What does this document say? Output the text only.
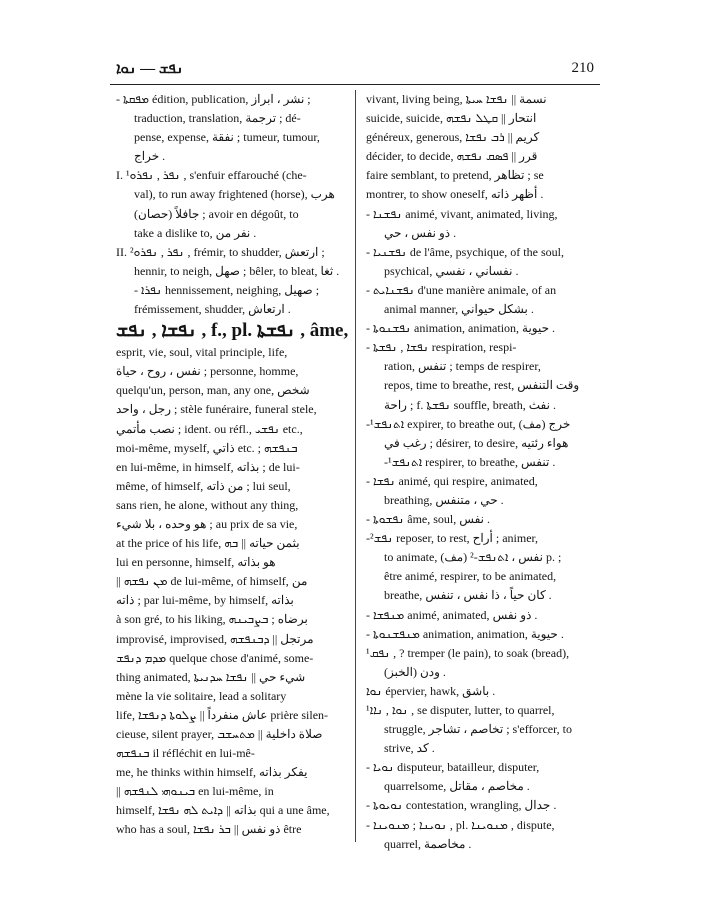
ܢܦܫ — ܢܘܐ	210
- ܡܦܩܬܐ édition, publication, نشر ، ابراز ;
traduction, translation, ترجمة ; dé-
pense, expense, نفقة ; tumeur, tumour,
خراج .
I. ¹ܢܦܪ , ܢܦܪܘ , s'enfuir effarouché (che-
val), to run away frightened (horse), هرب
(حصان) جافلاً ; avoir en dégoût, to
take a dislike to, نفر من .
II. ²ܢܦܪ , ܢܦܪܘ , frémir, to shudder, ارتعش ;
hennir, to neigh, صهل ; bêler, to bleat, ثغا .
- ܢܦܪܐ hennissement, neighing, صهيل ;
frémissement, shudder, ارتعاش .
ܢܦܫܐ , ܢܦܫ , f., pl. ܢܦܫܬܐ , âme,
esprit, vie, soul, vital principle, life,
نفس ، روح ، حياة ; personne, homme,
quelqu'un, person, man, any one, شخص
رجل ، واحد ; stèle funéraire, funeral stele,
نصب مأتمي ; ident. ou réfl., ܢܦܫܝ etc.,
moi-même, myself, ذاتي etc. ; ܒܢܦܫܗ
en lui-même, in himself, بذاته ; de lui-
même, of himself, من ذاته ; lui seul,
sans rien, he alone, without any thing,
هو وحده ، بلا شيء ; au prix de sa vie,
at the price of his life, بثمن حياته || ܒܗ
lui en personne, himself, هو بذاته
|| ܡܢ ܢܦܫܗ de lui-même, of himself, من
ذاته ; par lui-même, by himself, بذاته
à son gré, to his liking, برضاه ; ܒܨܒܝܢܗ
improvisé, improvised, مرتجل || ܕܒܢܦܫܗ
ܡܕܡ ܕܢܦܫ quelque chose d'animé, some-
thing animated, شيء حي || ܢܦܫܐ ܚܕܢܝܬܐ
mène la vie solitaire, lead a solitary
life, عاش منفرداً || ܨܠܘܬܐ ܕܢܦܫܐ prière silen-
cieuse, silent prayer, صلاة داخلية || ܡܬܚܫܒ
ܒܢܦܫܗ il réfléchit en lui-mê-
me, he thinks within himself, يفكر بذاته
|| ܒܝܢܘܗܝ ܠܢܦܫܗ en lui-même, in
himself, بذاته || ܕܐܝܬ ܠܗ ܢܦܫܐ qui a une âme,
who has a soul, ذو نفس || ܒܪ ܢܦܫܐ être
vivant, living being, نسمة || ܢܦܫܐ ܚܝܬܐ
suicide, suicide, انتحار || ܩܛܠ ܢܦܫܗ
généreux, generous, كريم || ܪܒ ܢܦܫܐ
décider, to decide, قرر || ܦܣܩ ܢܦܫܗ
faire semblant, to pretend, تظاهر ; se
montrer, to show oneself, أظهر ذاته .
- ܢܦܫܢܐ animé, vivant, animated, living,
ذو نفس ، حي .
- ܢܦܫܢܝܐ de l'âme, psychique, of the soul,
psychical, نفساني ، نفسي .
- ܢܦܫܢܐܝܬ d'une manière animale, of an
animal manner, بشكل حيواني .
- ܢܦܫܢܘܬܐ animation, animation, حيوية .
- ܢܦܫܐ , ܢܦܫܬܐ respiration, respi-
ration, تنفس ; temps de respirer,
repos, time to breathe, rest, وقت التنفس
راحة ; f. ܢܦܫܬܐ souffle, breath, نفث .
-¹ܐܬܢܦܫ expirer, to breathe out, خرج (مف)
رغب في ; désirer, to desire, هواء رئتيه
-¹ܐܬܢܦܫ respirer, to breathe, تنفس .
- ܢܦܫܐ animé, qui respire, animated,
breathing, حي ، متنفس .
- ܢܦܫܘܬܐ âme, soul, نفس .
-²ܢܦܫ reposer, to rest, أراح ; animer,
to animate, (مف) نفس ، ܐܬܢܦܫ-² p. ;
être animé, respirer, to be animated,
breathe, كان حياً ، ذا نفس ، تنفس .
- ܡܢܦܫܐ animé, animated, ذو نفس .
- ܡܢܦܫܢܘܬܐ animation, animation, حيوية .
¹ܢܦܩ , ? tremper (le pain), to soak (bread),
ودن (الخبز) .
ܢܘܐ épervier, hawk, باشق .
¹ܢܘܐ , ܢܐܐ , se disputer, lutter, to quarrel,
struggle, تخاصم ، تشاجر ; s'efforcer, to
strive, كد .
- ܢܘܝܐ disputeur, batailleur, disputer,
quarrelsome, مخاصم ، مقاتل .
- ܢܘܝܘܬܐ contestation, wrangling, جدال .
- ܢܘܝܢܐ ; ܡܢܘܝܢܐ , pl. ܡܢܘܝܢܐ , dispute,
quarrel, مخاصمة .
